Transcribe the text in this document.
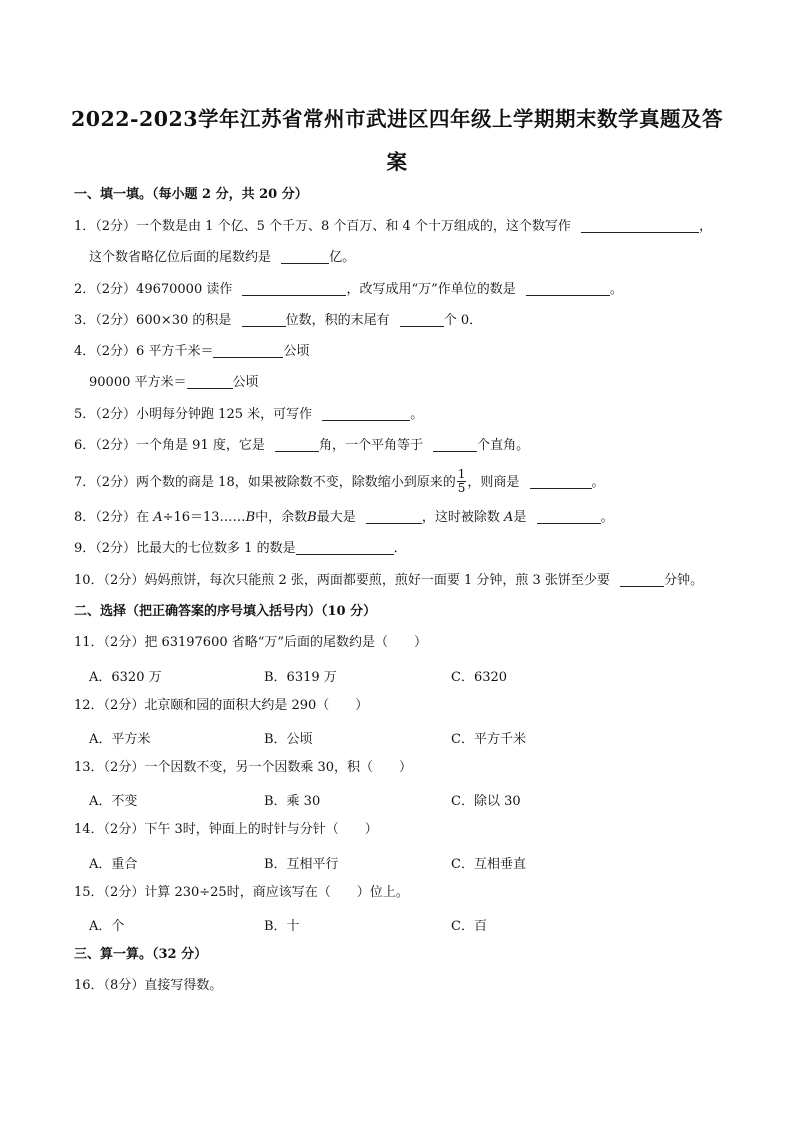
2022-2023学年江苏省常州市武进区四年级上学期期末数学真题及答
案
一、填一填。（每小题 2 分，共 20 分）
1．（2分）一个数是由 1 个亿、5 个千万、8 个百万、和 4 个十万组成的，这个数写作	，
这个数省略亿位后面的尾数约是	亿。
2．（2分）49670000 读作	，改写成用“万”作单位的数是	。
3．（2分）600×30 的积是	位数，积的末尾有	个 0．
4．（2分）6 平方千米＝	公顷
90000 平方米＝	公顷
5．（2分）小明每分钟跑 125 米，可写作	。
6．（2分）一个角是 91 度，它是	角，一个平角等于	个直角。
7．（2分）两个数的商是 18，如果被除数不变，除数缩小到原来的 $\frac{1}{5}$ ，则商是	。
8．（2分）在 A÷16＝13……B中，余数B最大是	，这时被除数 A是	。
9．（2分）比最大的七位数多 1 的数是	．
10．（2分）妈妈煎饼，每次只能煎 2 张，两面都要煎，煎好一面要 1 分钟，煎 3 张饼至少要	分钟。
二、选择（把正确答案的序号填入括号内）（10 分）
11．（2分）把 63197600 省略“万”后面的尾数约是（　　）
A．6320 万	B．6319 万	C．6320
12．（2分）北京颐和园的面积大约是 290（　　）
A．平方米	B．公顷	C．平方千米
13．（2分）一个因数不变，另一个因数乘 30，积（　　）
A．不变	B．乘 30	C．除以 30
14．（2分）下午 3时，钟面上的时针与分针（　　）
A．重合	B．互相平行	C．互相垂直
15．（2分）计算 230÷25时，商应该写在（　　）位上。
A．个	B．十	C．百
三、算一算。（32 分）
16．（8分）直接写得数。
